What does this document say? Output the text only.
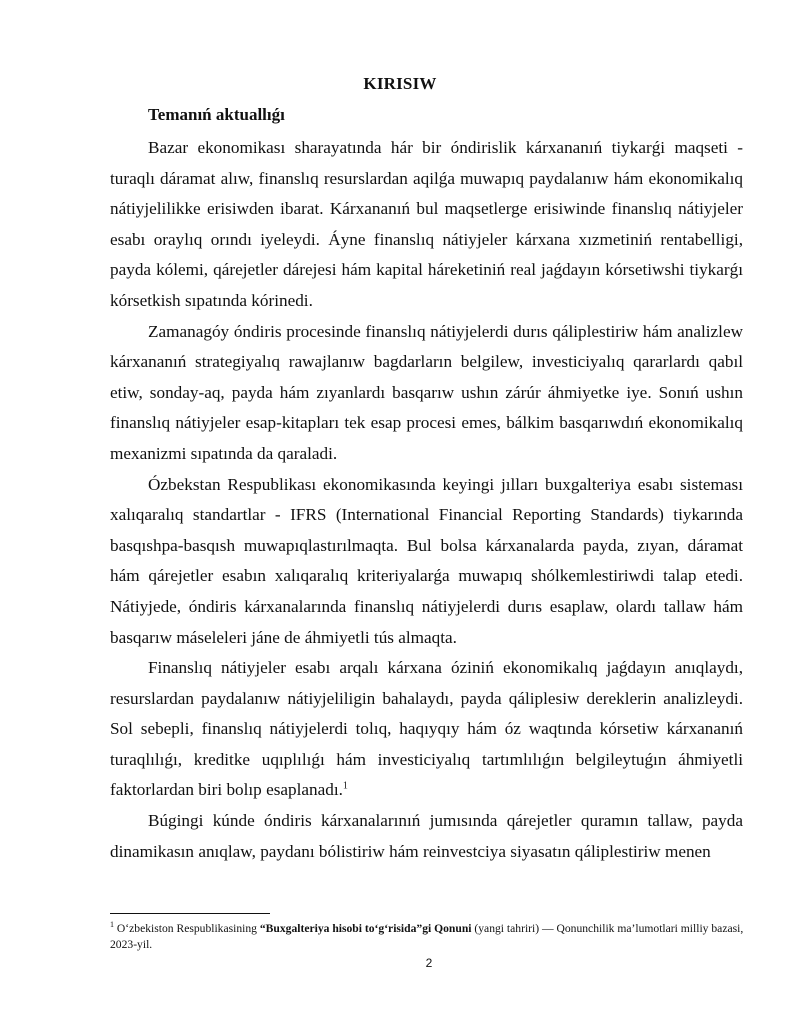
KIRISIW
Temanıń aktuallıǵı

Bazar ekonomikası sharayatında hár bir óndirislik kárxananıń tiykarǵi maqseti - turaqlı dáramat alıw, finanslıq resurslardan aqilǵa muwapıq paydalanıw hám ekonomikalıq nátiyjelilikke erisiwden ibarat. Kárxananıń bul maqsetlerge erisiwinde finanslıq nátiyjeler esabı oraylıq orındı iyeleydi. Áyne finanslıq nátiyjeler kárxana xızmetiniń rentabelligi, payda kólemi, qárejetler dárejesi hám kapital háreketiniń real jaǵdayın kórsetiwshi tiykarǵı kórsetkish sıpatında kórinedi.

Zamanagóy óndiris procesinde finanslıq nátiyjelerdi durıs qáliplestiriw hám analizlew kárxananıń strategiyalıq rawajlanıw bagdarların belgilew, investiciyalıq qararlardı qabıl etiw, sonday-aq, payda hám zıyanlardı basqarıw ushın zárúr áhmiyetke iye. Sonıń ushın finanslıq nátiyjeler esap-kitapları tek esap procesi emes, bálkim basqarıwdıń ekonomikalıq mexanizmi sıpatında da qaraladi.

Ózbekstan Respublikası ekonomikasında keyingi jılları buxgalteriya esabı sisteması xalıqaralıq standartlar - IFRS (International Financial Reporting Standards) tiykarında basqıshpa-basqısh muwapıqlastırılmaqta. Bul bolsa kárxanalarda payda, zıyan, dáramat hám qárejetler esabın xalıqaralıq kriteriyalarǵa muwapıq shólkemlestiriwdi talap etedi. Nátiyjede, óndiris kárxanalarında finanslıq nátiyjelerdi durıs esaplaw, olardı tallaw hám basqarıw máseleleri jáne de áhmiyetli tús almaqta.

Finanslıq nátiyjeler esabı arqalı kárxana óziniń ekonomikalıq jaǵdayın anıqlaydı, resurslardan paydalanıw nátiyjeliligin bahalaydı, payda qáliplesiw dereklerin analizleydi. Sol sebepli, finanslıq nátiyjelerdi tolıq, haqıyqıy hám óz waqtında kórsetiw kárxananıń turaqlılıǵı, kreditke uqıplılıǵı hám investiciyalıq tartımlılıǵın belgileytuǵın áhmiyetli faktorlardan biri bolıp esaplanadı.$^1$

Búgingi kúnde óndiris kárxanalarınıń jumısında qárejetler quramın tallaw, payda dinamikasın anıqlaw, paydanı bólistiriw hám reinvestciya siyasatın qáliplestiriw menen

$^1$ O‘zbekiston Respublikasining “Buxgalteriya hisobi to‘g‘risida”gi Qonuni (yangi tahriri) — Qonunchilik ma’lumotlari milliy bazasi, 2023-yil.
2
